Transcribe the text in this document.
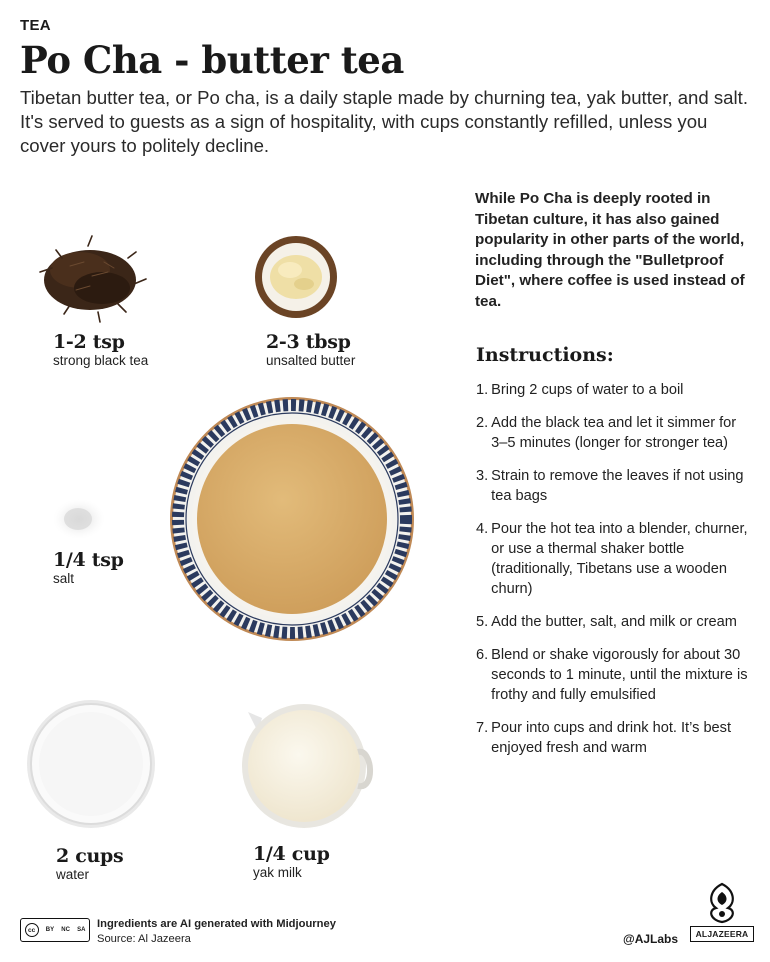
TEA
Po Cha - butter tea
Tibetan butter tea, or Po cha, is a daily staple made by churning tea, yak butter, and salt. It's served to guests as a sign of hospitality, with cups constantly refilled, unless you cover yours to politely decline.
While Po Cha is deeply rooted in Tibetan culture, it has also gained popularity in other parts of the world, including through the "Bulletproof Diet", where coffee is used instead of tea.
1-2 tsp
strong black tea
2-3 tbsp
unsalted butter
1/4 tsp
salt
2 cups
water
1/4 cup
yak milk
Instructions:
1. Bring 2 cups of water to a boil
2. Add the black tea and let it simmer for 3–5 minutes (longer for stronger tea)
3. Strain to remove the leaves if not using tea bags
4. Pour the hot tea into a blender, churner, or use a thermal shaker bottle (traditionally, Tibetans use a wooden churn)
5. Add the butter, salt, and milk or cream
6. Blend or shake vigorously for about 30 seconds to 1 minute, until the mixture is frothy and fully emulsified
7. Pour into cups and drink hot. It’s best enjoyed fresh and warm
cc	BY NC SA Ingredients are AI generated with Midjourney
Source: Al Jazeera	@AJLabs	ALJAZEERA
